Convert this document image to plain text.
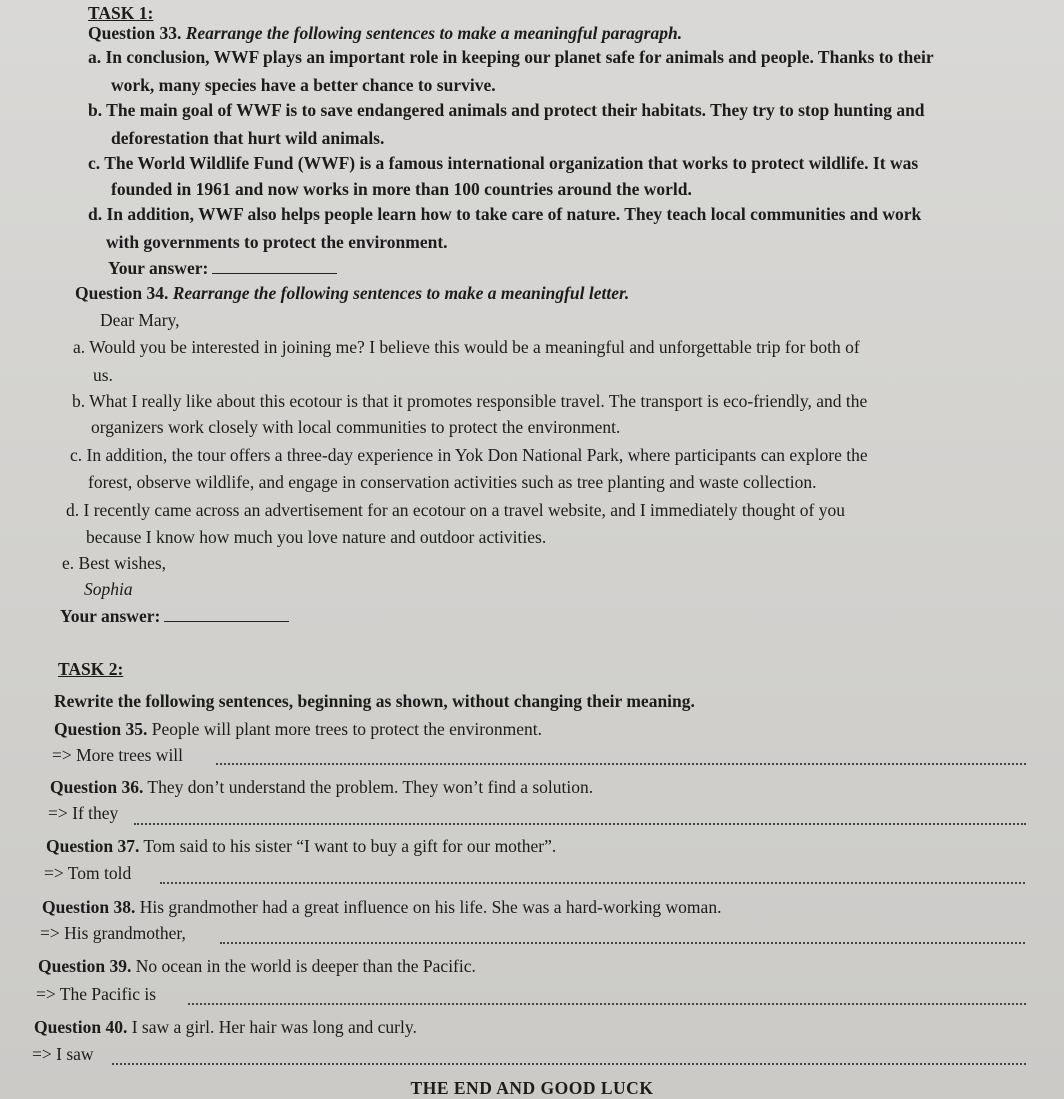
TASK 1:
Question 33. Rearrange the following sentences to make a meaningful paragraph.
a. In conclusion, WWF plays an important role in keeping our planet safe for animals and people. Thanks to their
work, many species have a better chance to survive.
b. The main goal of WWF is to save endangered animals and protect their habitats. They try to stop hunting and
deforestation that hurt wild animals.
c. The World Wildlife Fund (WWF) is a famous international organization that works to protect wildlife. It was
founded in 1961 and now works in more than 100 countries around the world.
d. In addition, WWF also helps people learn how to take care of nature. They teach local communities and work
with governments to protect the environment.
Your answer:
Question 34. Rearrange the following sentences to make a meaningful letter.
Dear Mary,
a. Would you be interested in joining me? I believe this would be a meaningful and unforgettable trip for both of
us.
b. What I really like about this ecotour is that it promotes responsible travel. The transport is eco-friendly, and the
organizers work closely with local communities to protect the environment.
c. In addition, the tour offers a three-day experience in Yok Don National Park, where participants can explore the
forest, observe wildlife, and engage in conservation activities such as tree planting and waste collection.
d. I recently came across an advertisement for an ecotour on a travel website, and I immediately thought of you
because I know how much you love nature and outdoor activities.
e. Best wishes,
Sophia
Your answer:
TASK 2:
Rewrite the following sentences, beginning as shown, without changing their meaning.
Question 35. People will plant more trees to protect the environment.
=> More trees will
Question 36. They don’t understand the problem. They won’t find a solution.
=> If they
Question 37. Tom said to his sister “I want to buy a gift for our mother”.
=> Tom told
Question 38. His grandmother had a great influence on his life. She was a hard-working woman.
=> His grandmother,
Question 39. No ocean in the world is deeper than the Pacific.
=> The Pacific is
Question 40. I saw a girl. Her hair was long and curly.
=> I saw
THE END AND GOOD LUCK
